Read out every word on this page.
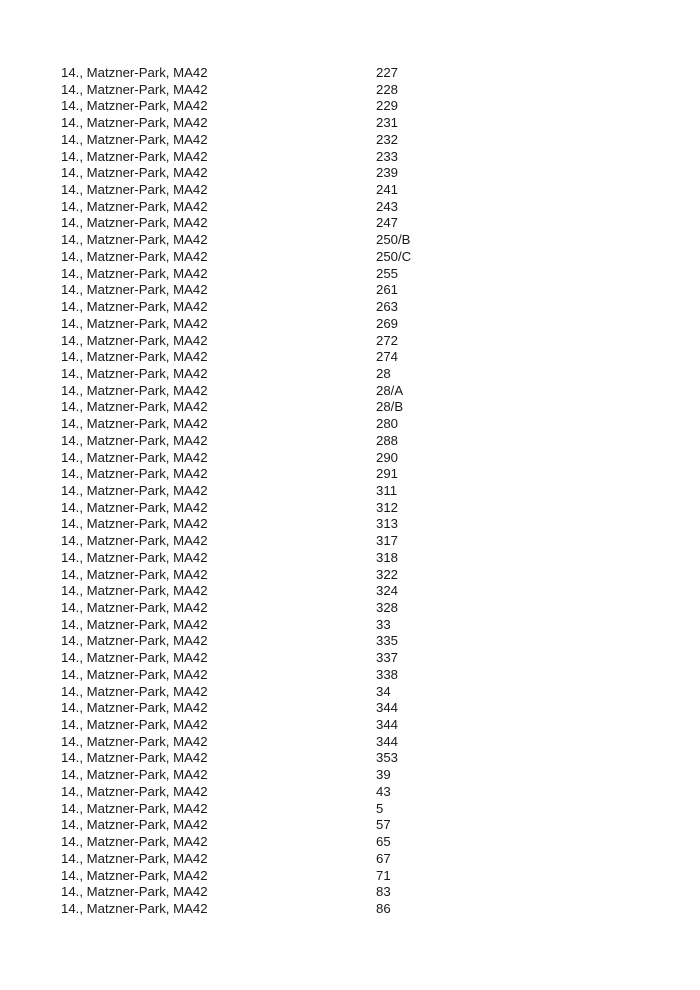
14., Matzner-Park, MA42	227
14., Matzner-Park, MA42	228
14., Matzner-Park, MA42	229
14., Matzner-Park, MA42	231
14., Matzner-Park, MA42	232
14., Matzner-Park, MA42	233
14., Matzner-Park, MA42	239
14., Matzner-Park, MA42	241
14., Matzner-Park, MA42	243
14., Matzner-Park, MA42	247
14., Matzner-Park, MA42	250/B
14., Matzner-Park, MA42	250/C
14., Matzner-Park, MA42	255
14., Matzner-Park, MA42	261
14., Matzner-Park, MA42	263
14., Matzner-Park, MA42	269
14., Matzner-Park, MA42	272
14., Matzner-Park, MA42	274
14., Matzner-Park, MA42	28
14., Matzner-Park, MA42	28/A
14., Matzner-Park, MA42	28/B
14., Matzner-Park, MA42	280
14., Matzner-Park, MA42	288
14., Matzner-Park, MA42	290
14., Matzner-Park, MA42	291
14., Matzner-Park, MA42	311
14., Matzner-Park, MA42	312
14., Matzner-Park, MA42	313
14., Matzner-Park, MA42	317
14., Matzner-Park, MA42	318
14., Matzner-Park, MA42	322
14., Matzner-Park, MA42	324
14., Matzner-Park, MA42	328
14., Matzner-Park, MA42	33
14., Matzner-Park, MA42	335
14., Matzner-Park, MA42	337
14., Matzner-Park, MA42	338
14., Matzner-Park, MA42	34
14., Matzner-Park, MA42	344
14., Matzner-Park, MA42	344
14., Matzner-Park, MA42	344
14., Matzner-Park, MA42	353
14., Matzner-Park, MA42	39
14., Matzner-Park, MA42	43
14., Matzner-Park, MA42	5
14., Matzner-Park, MA42	57
14., Matzner-Park, MA42	65
14., Matzner-Park, MA42	67
14., Matzner-Park, MA42	71
14., Matzner-Park, MA42	83
14., Matzner-Park, MA42	86
